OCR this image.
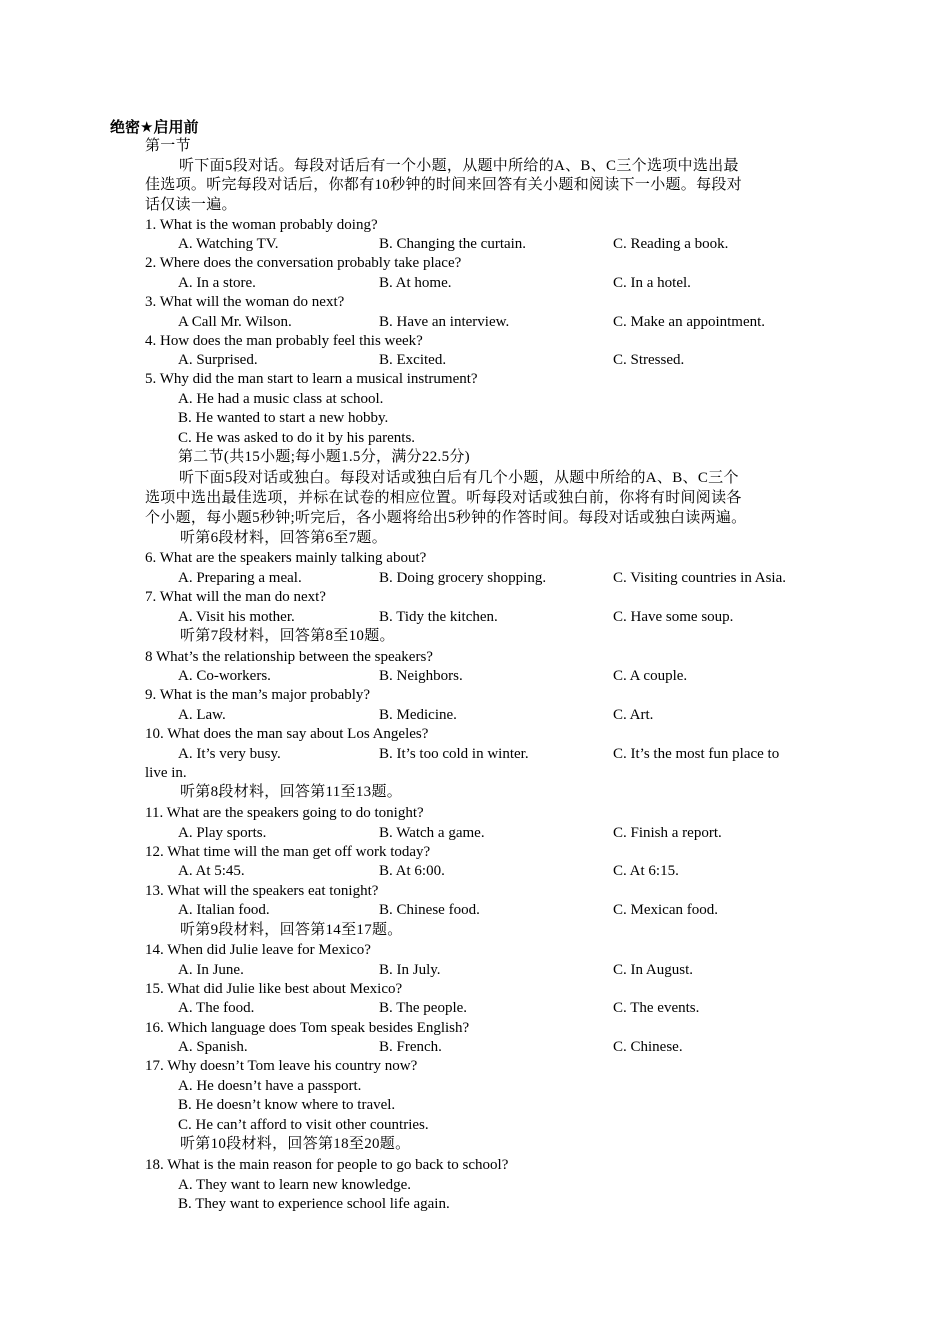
绝密★启用前
第一节
听下面5段对话。每段对话后有一个小题，从题中所给的A、B、C三个选项中选出最
佳选项。听完每段对话后，你都有10秒钟的时间来回答有关小题和阅读下一小题。每段对
话仅读一遍。
1. What is the woman probably doing?
A. Watching TV.	B. Changing the curtain.	C. Reading a book.
2. Where does the conversation probably take place?
A. In a store.	B. At home.	C. In a hotel.
3. What will the woman do next?
A Call Mr. Wilson.	B. Have an interview.	C. Make an appointment.
4. How does the man probably feel this week?
A. Surprised.	B. Excited.	C. Stressed.
5. Why did the man start to learn a musical instrument?
A. He had a music class at school.
B. He wanted to start a new hobby.
C. He was asked to do it by his parents.
第二节(共15小题;每小题1.5分，满分22.5分)
听下面5段对话或独白。每段对话或独白后有几个小题，从题中所给的A、B、C三个
选项中选出最佳选项，并标在试卷的相应位置。听每段对话或独白前，你将有时间阅读各
个小题，每小题5秒钟;听完后，各小题将给出5秒钟的作答时间。每段对话或独白读两遍。
听第6段材料，回答第6至7题。
6. What are the speakers mainly talking about?
A. Preparing a meal.	B. Doing grocery shopping.	C. Visiting countries in Asia.
7. What will the man do next?
A. Visit his mother.	B. Tidy the kitchen.	C. Have some soup.
听第7段材料，回答第8至10题。
8 What’s the relationship between the speakers?
A. Co-workers.	B. Neighbors.	C. A couple.
9. What is the man’s major probably?
A. Law.	B. Medicine.	C. Art.
10. What does the man say about Los Angeles?
A. It’s very busy.	B. It’s too cold in winter.	C. It’s the most fun place to
live in.
听第8段材料，回答第11至13题。
11. What are the speakers going to do tonight?
A. Play sports.	B. Watch a game.	C. Finish a report.
12. What time will the man get off work today?
A. At 5:45.	B. At 6:00.	C. At 6:15.
13. What will the speakers eat tonight?
A. Italian food.	B. Chinese food.	C. Mexican food.
听第9段材料，回答第14至17题。
14. When did Julie leave for Mexico?
A. In June.	B. In July.	C. In August.
15. What did Julie like best about Mexico?
A. The food.	B. The people.	C. The events.
16. Which language does Tom speak besides English?
A. Spanish.	B. French.	C. Chinese.
17. Why doesn’t Tom leave his country now?
A. He doesn’t have a passport.
B. He doesn’t know where to travel.
C. He can’t afford to visit other countries.
听第10段材料，回答第18至20题。
18. What is the main reason for people to go back to school?
A. They want to learn new knowledge.
B. They want to experience school life again.
